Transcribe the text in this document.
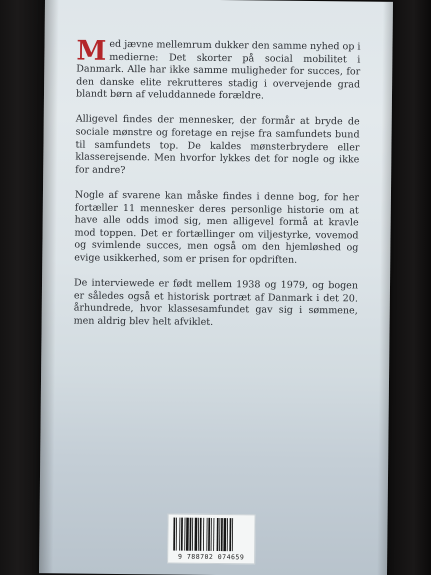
Med jævne mellemrum dukker den samme nyhed op i medierne: Det skorter på social mobilitet i Danmark. Alle har ikke samme muligheder for succes, for den danske elite rekrutteres stadig i overvejende grad blandt børn af veluddannede forældre.

Alligevel findes der mennesker, der formår at bryde de sociale mønstre og foretage en rejse fra samfundets bund til samfundets top. De kaldes mønsterbrydere eller klasserejsende. Men hvorfor lykkes det for nogle og ikke for andre?

Nogle af svarene kan måske findes i denne bog, for her fortæller 11 mennesker deres personlige historie om at have alle odds imod sig, men alligevel formå at kravle mod toppen. Det er fortællinger om viljestyrke, vovemod og svimlende succes, men også om den hjemløshed og evige usikkerhed, som er prisen for opdriften.

De interviewede er født mellem 1938 og 1979, og bogen er således også et historisk portræt af Danmark i det 20. århundrede, hvor klassesamfundet gav sig i sømmene, men aldrig blev helt afviklet.

9 788702 074659
